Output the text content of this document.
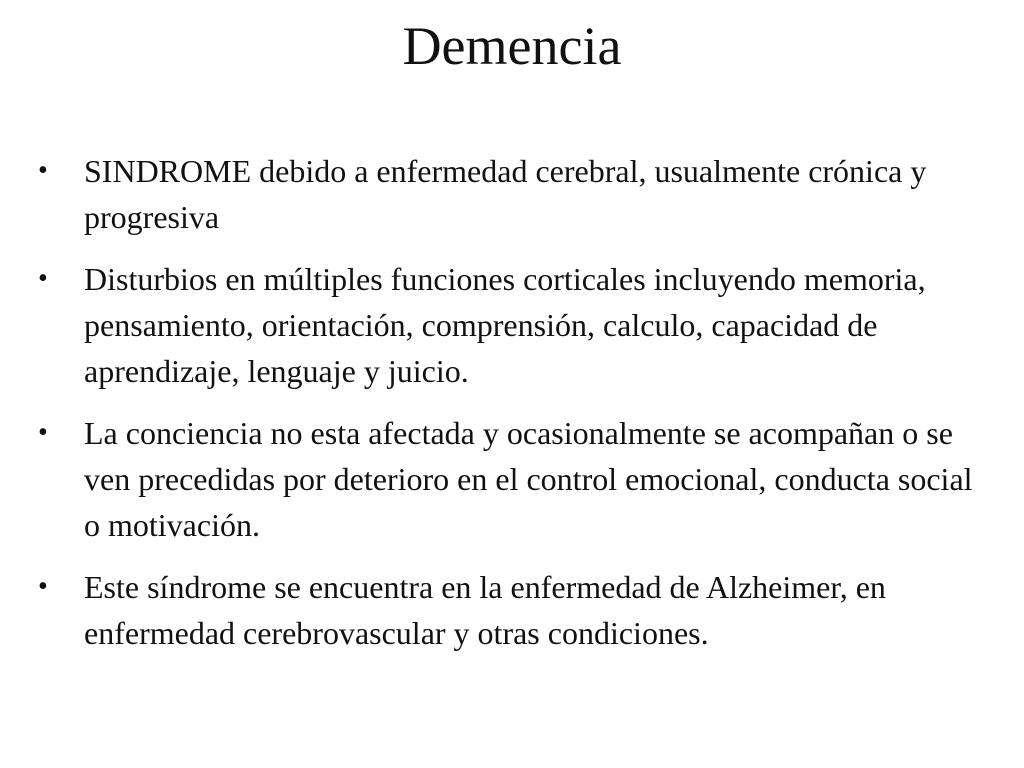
Demencia
•	SINDROME debido a enfermedad cerebral, usualmente crónica y progresiva
•	Disturbios en múltiples funciones corticales incluyendo memoria, pensamiento, orientación, comprensión, calculo, capacidad de aprendizaje, lenguaje y juicio.
•	La conciencia no esta afectada y ocasionalmente se acompañan o se ven precedidas por deterioro en el control emocional, conducta social o motivación.
•	Este síndrome se encuentra en la enfermedad de Alzheimer, en enfermedad cerebrovascular y otras condiciones.
